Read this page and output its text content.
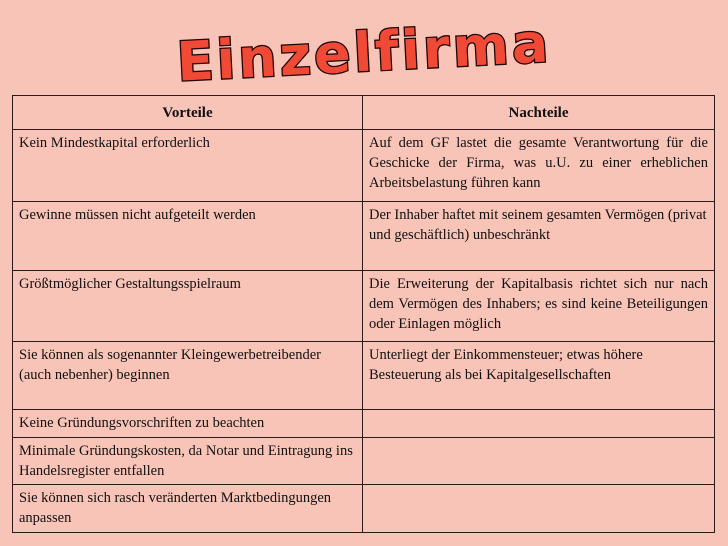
Einzelfirma
Vorteile	Nachteile
Kein Mindestkapital erforderlich	Auf dem GF lastet die gesamte Verantwortung für die Geschicke der Firma, was u.U. zu einer erheblichen Arbeitsbelastung führen kann
Gewinne müssen nicht aufgeteilt werden	Der Inhaber haftet mit seinem gesamten Vermögen (privat und geschäftlich) unbeschränkt
Größtmöglicher Gestaltungsspielraum	Die Erweiterung der Kapitalbasis richtet sich nur nach dem Vermögen des Inhabers; es sind keine Beteiligungen oder Einlagen möglich
Sie können als sogenannter Kleingewerbetreibender (auch nebenher) beginnen	Unterliegt der Einkommensteuer; etwas höhere Besteuerung als bei Kapitalgesellschaften
Keine Gründungsvorschriften zu beachten	
Minimale Gründungskosten, da Notar und Eintragung ins Handelsregister entfallen	
Sie können sich rasch veränderten Marktbedingungen anpassen	
